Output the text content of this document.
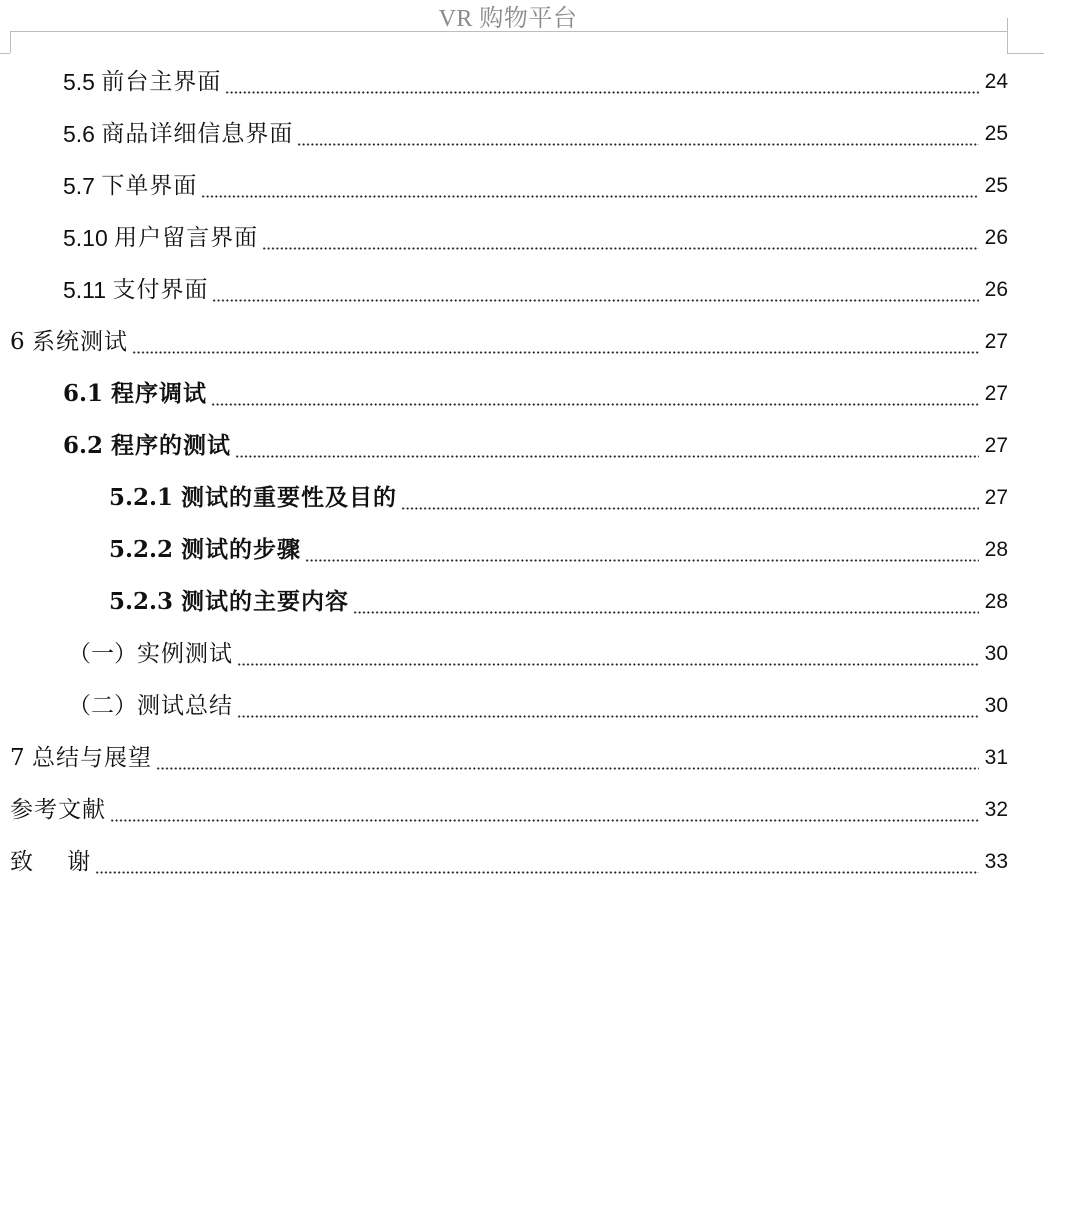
VR 购物平台
5.5 前台主界面	24
5.6 商品详细信息界面	25
5.7 下单界面	25
5.10 用户留言界面	26
5.11 支付界面	26
6 系统测试	27
6.1 程序调试	27
6.2 程序的测试	27
5.2.1 测试的重要性及目的	27
5.2.2 测试的步骤	28
5.2.3 测试的主要内容	28
（一） 实例测试	30
（二） 测试总结	30
7 总结与展望	31
参考文献	32
致    谢	33
